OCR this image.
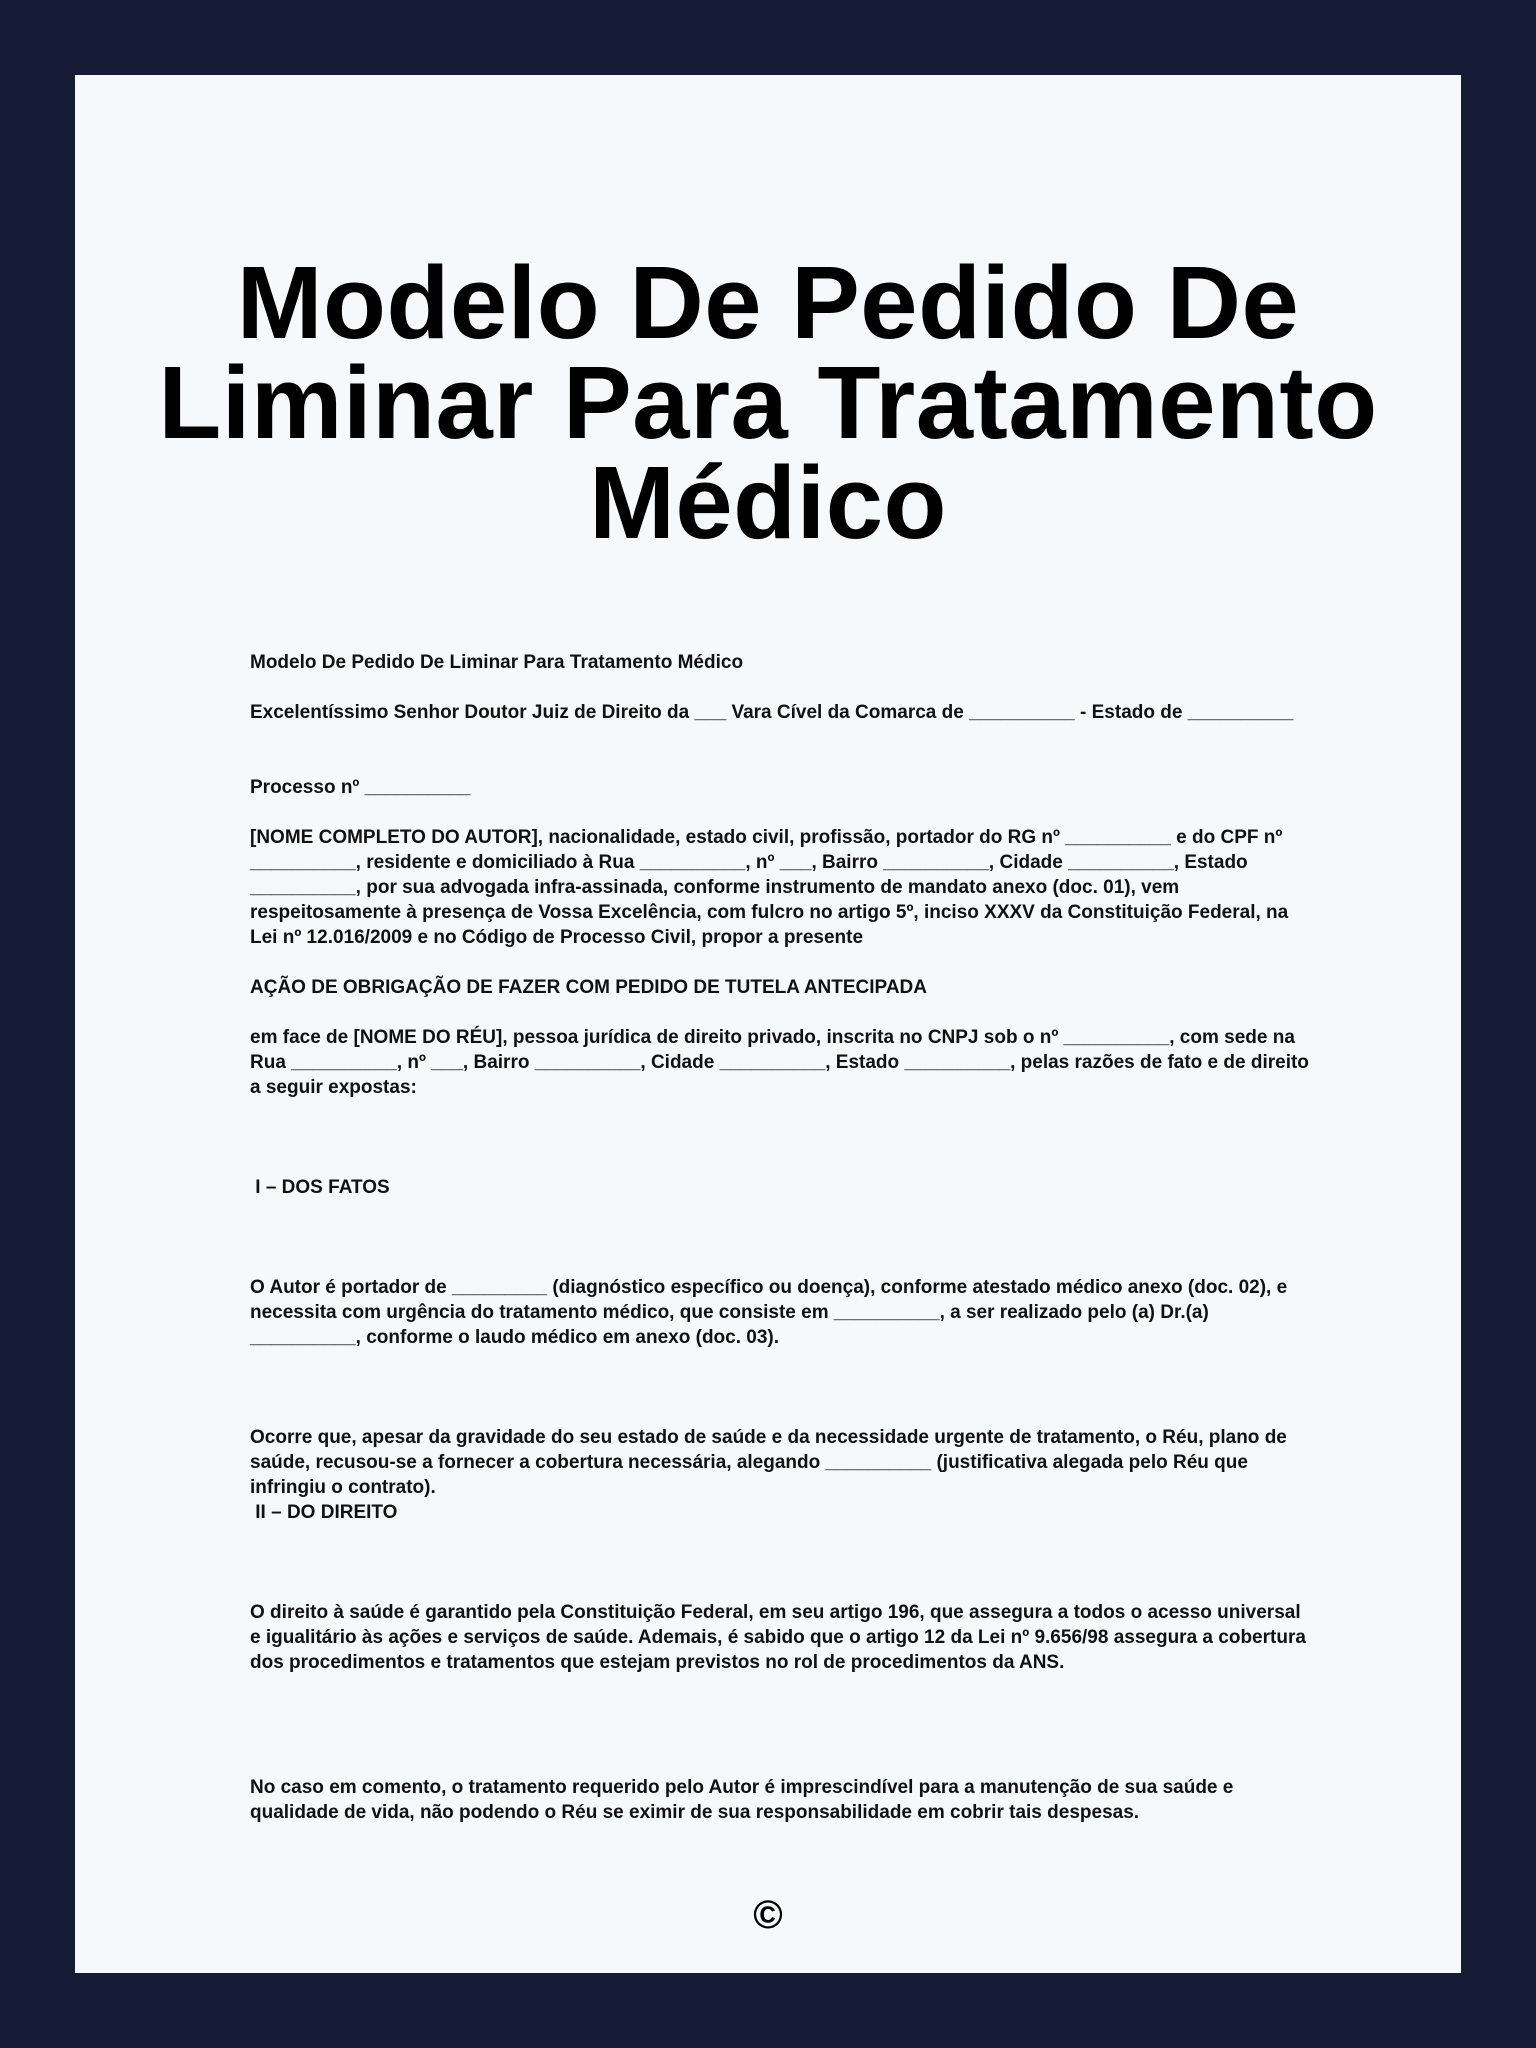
Modelo De Pedido De Liminar Para Tratamento Médico

Modelo De Pedido De Liminar Para Tratamento Médico

Excelentíssimo Senhor Doutor Juiz de Direito da ___ Vara Cível da Comarca de __________ - Estado de __________

Processo nº __________

[NOME COMPLETO DO AUTOR], nacionalidade, estado civil, profissão, portador do RG nº __________ e do CPF nº __________, residente e domiciliado à Rua __________, nº ___, Bairro __________, Cidade __________, Estado __________, por sua advogada infra-assinada, conforme instrumento de mandato anexo (doc. 01), vem respeitosamente à presença de Vossa Excelência, com fulcro no artigo 5º, inciso XXXV da Constituição Federal, na Lei nº 12.016/2009 e no Código de Processo Civil, propor a presente

AÇÃO DE OBRIGAÇÃO DE FAZER COM PEDIDO DE TUTELA ANTECIPADA

em face de [NOME DO RÉU], pessoa jurídica de direito privado, inscrita no CNPJ sob o nº __________, com sede na Rua __________, nº ___, Bairro __________, Cidade __________, Estado __________, pelas razões de fato e de direito a seguir expostas:

I – DOS FATOS

O Autor é portador de _________ (diagnóstico específico ou doença), conforme atestado médico anexo (doc. 02), e necessita com urgência do tratamento médico, que consiste em __________, a ser realizado pelo (a) Dr.(a) __________, conforme o laudo médico em anexo (doc. 03).

Ocorre que, apesar da gravidade do seu estado de saúde e da necessidade urgente de tratamento, o Réu, plano de saúde, recusou-se a fornecer a cobertura necessária, alegando __________ (justificativa alegada pelo Réu que infringiu o contrato).
II – DO DIREITO

O direito à saúde é garantido pela Constituição Federal, em seu artigo 196, que assegura a todos o acesso universal e igualitário às ações e serviços de saúde. Ademais, é sabido que o artigo 12 da Lei nº 9.656/98 assegura a cobertura dos procedimentos e tratamentos que estejam previstos no rol de procedimentos da ANS.

No caso em comento, o tratamento requerido pelo Autor é imprescindível para a manutenção de sua saúde e qualidade de vida, não podendo o Réu se eximir de sua responsabilidade em cobrir tais despesas.

©
